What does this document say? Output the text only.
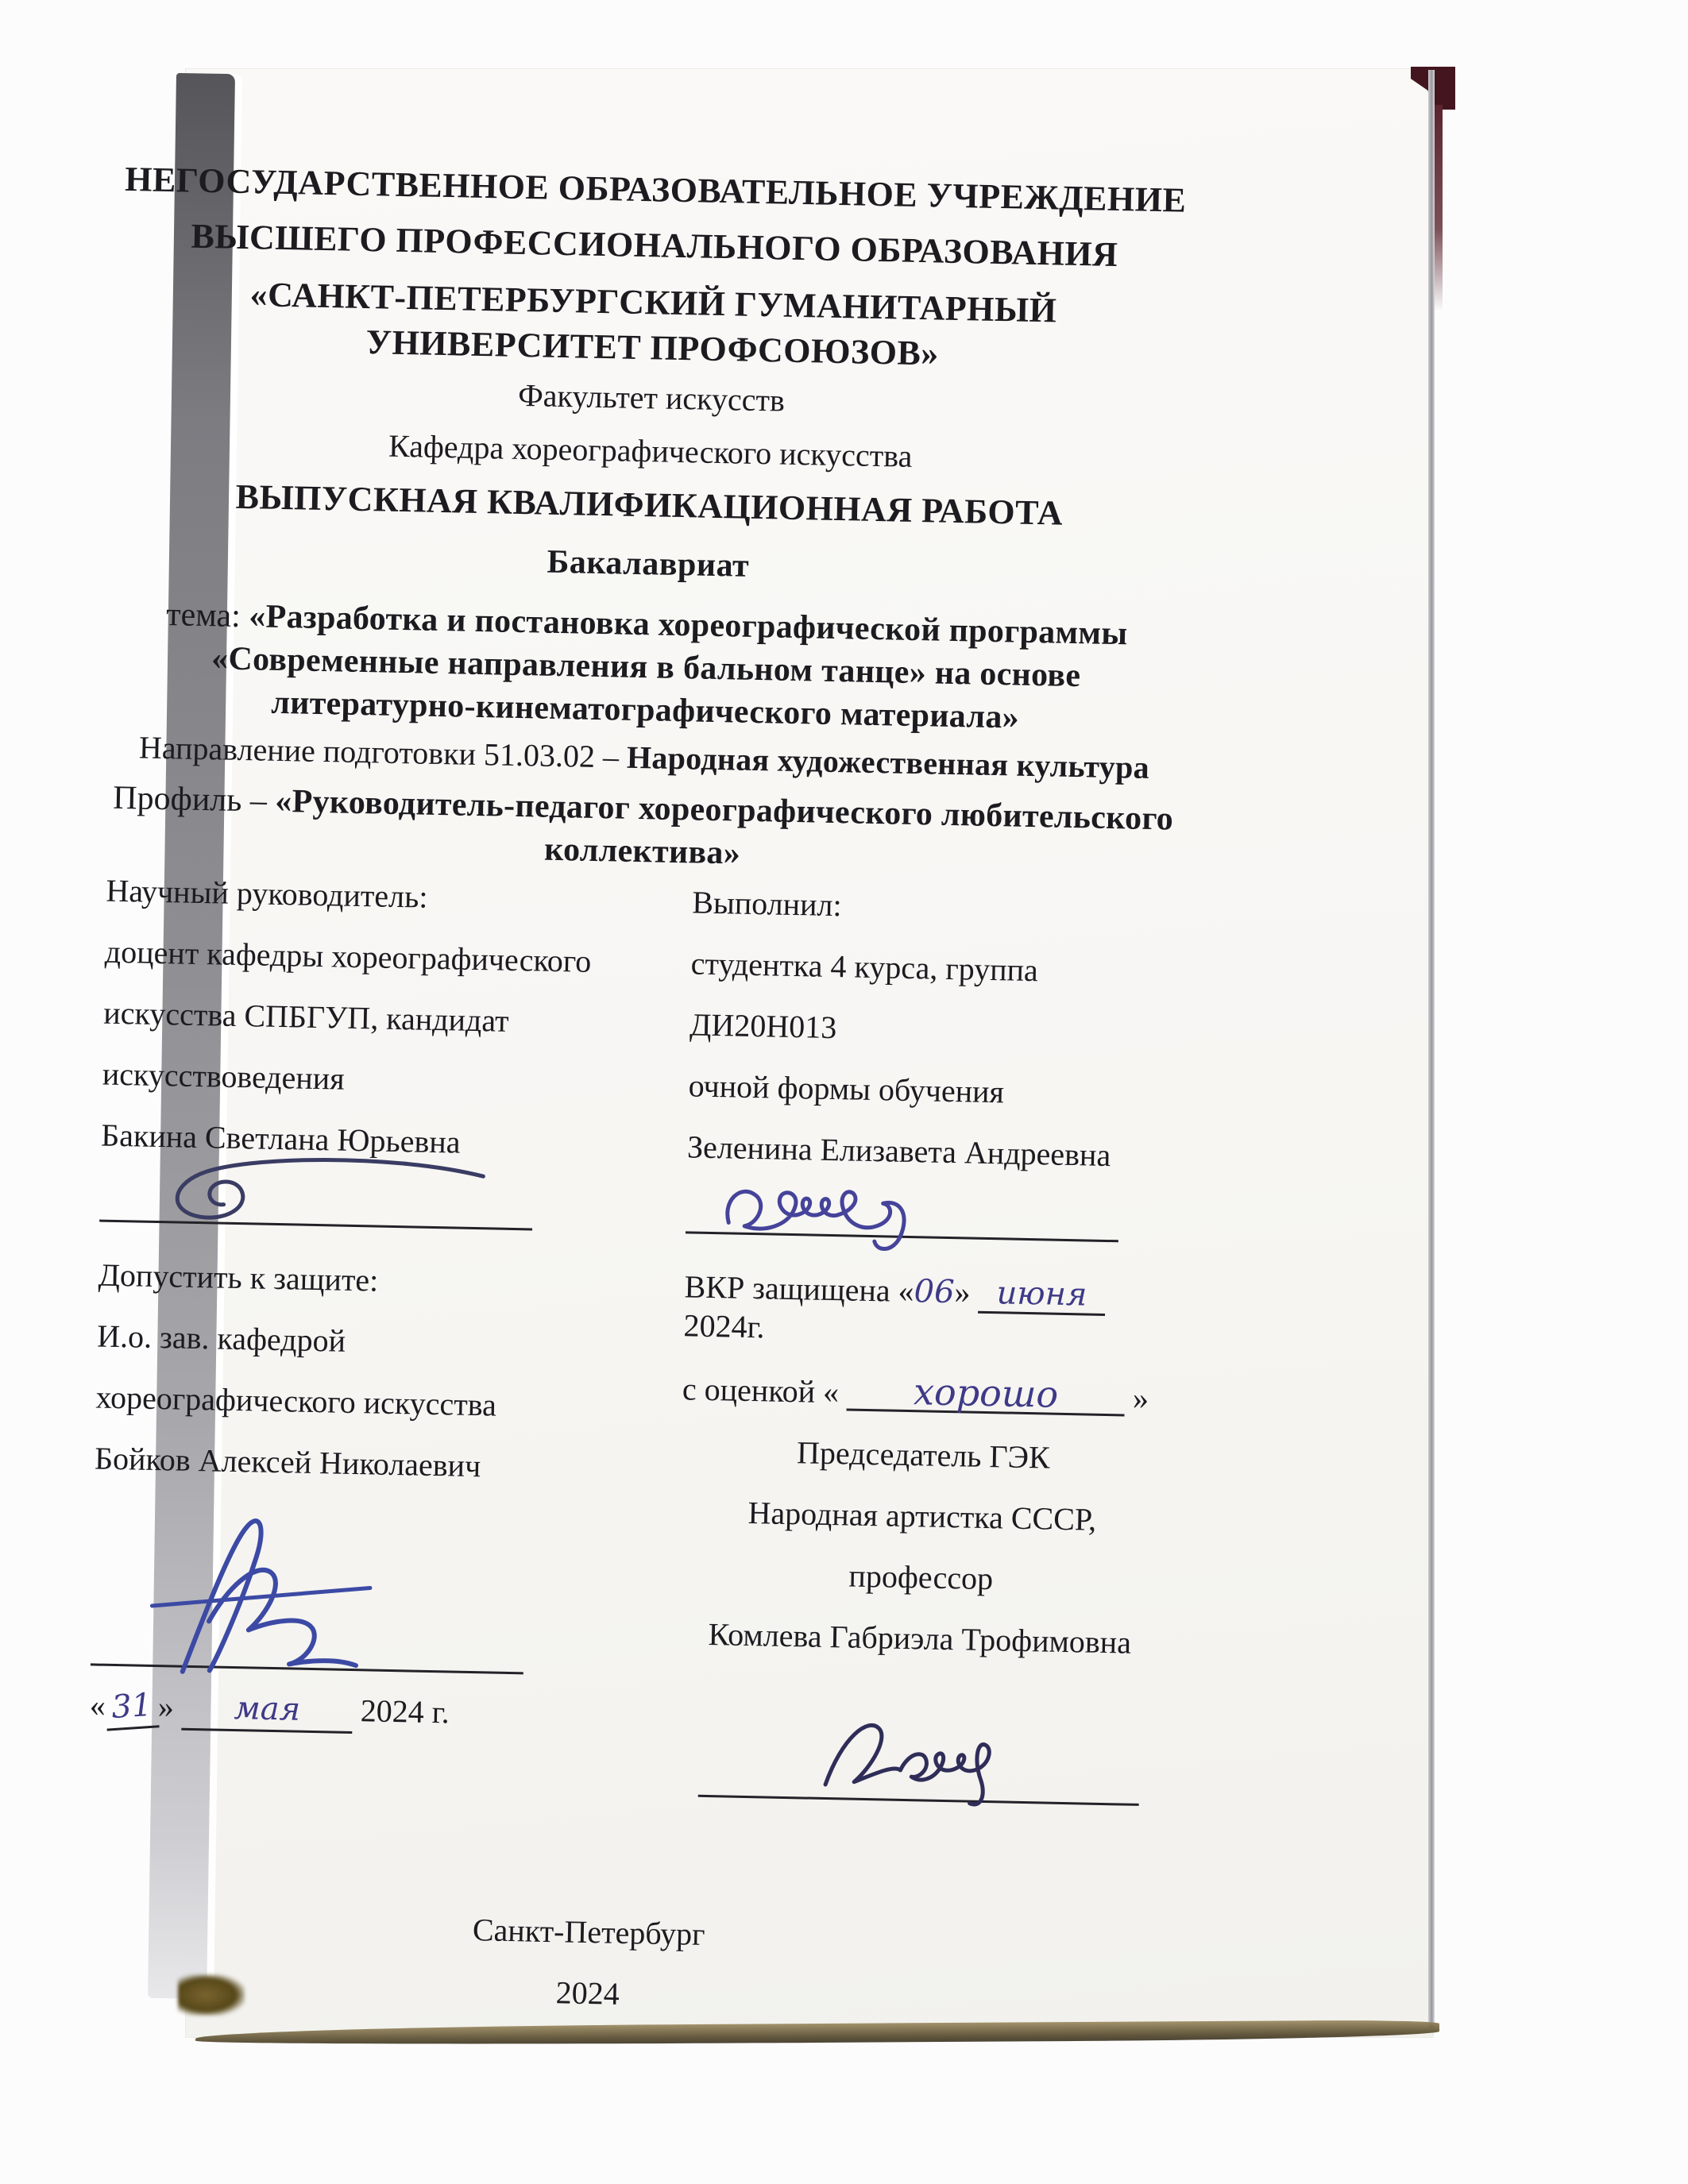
НЕГОСУДАРСТВЕННОЕ ОБРАЗОВАТЕЛЬНОЕ УЧРЕЖДЕНИЕ

ВЫСШЕГО ПРОФЕССИОНАЛЬНОГО ОБРАЗОВАНИЯ

«САНКТ-ПЕТЕРБУРГСКИЙ ГУМАНИТАРНЫЙ УНИВЕРСИТЕТ ПРОФСОЮЗОВ»

Факультет искусств

Кафедра хореографического искусства

ВЫПУСКНАЯ КВАЛИФИКАЦИОННАЯ РАБОТА

Бакалавриат

тема: «Разработка и постановка хореографической программы «Современные направления в бальном танце» на основе литературно-кинематографического материала»

Направление подготовки 51.03.02 – Народная художественная культура

Профиль – «Руководитель-педагог хореографического любительского коллектива»

Научный руководитель:

доцент кафедры хореографического

искусства СПБГУП, кандидат

искусствоведения

Бакина Светлана Юрьевна

Допустить к защите:

И.о. зав. кафедрой

хореографического искусства

Бойков Алексей Николаевич

« 31 » мая 2024 г.

Выполнил:

студентка 4 курса, группа

ДИ20Н013

очной формы обучения

Зеленина Елизавета Андреевна

ВКР защищена «06» июня 2024г.

с оценкой « хорошо »

Председатель ГЭК

Народная артистка СССР,

профессор

Комлева Габриэла Трофимовна

Санкт-Петербург

2024
